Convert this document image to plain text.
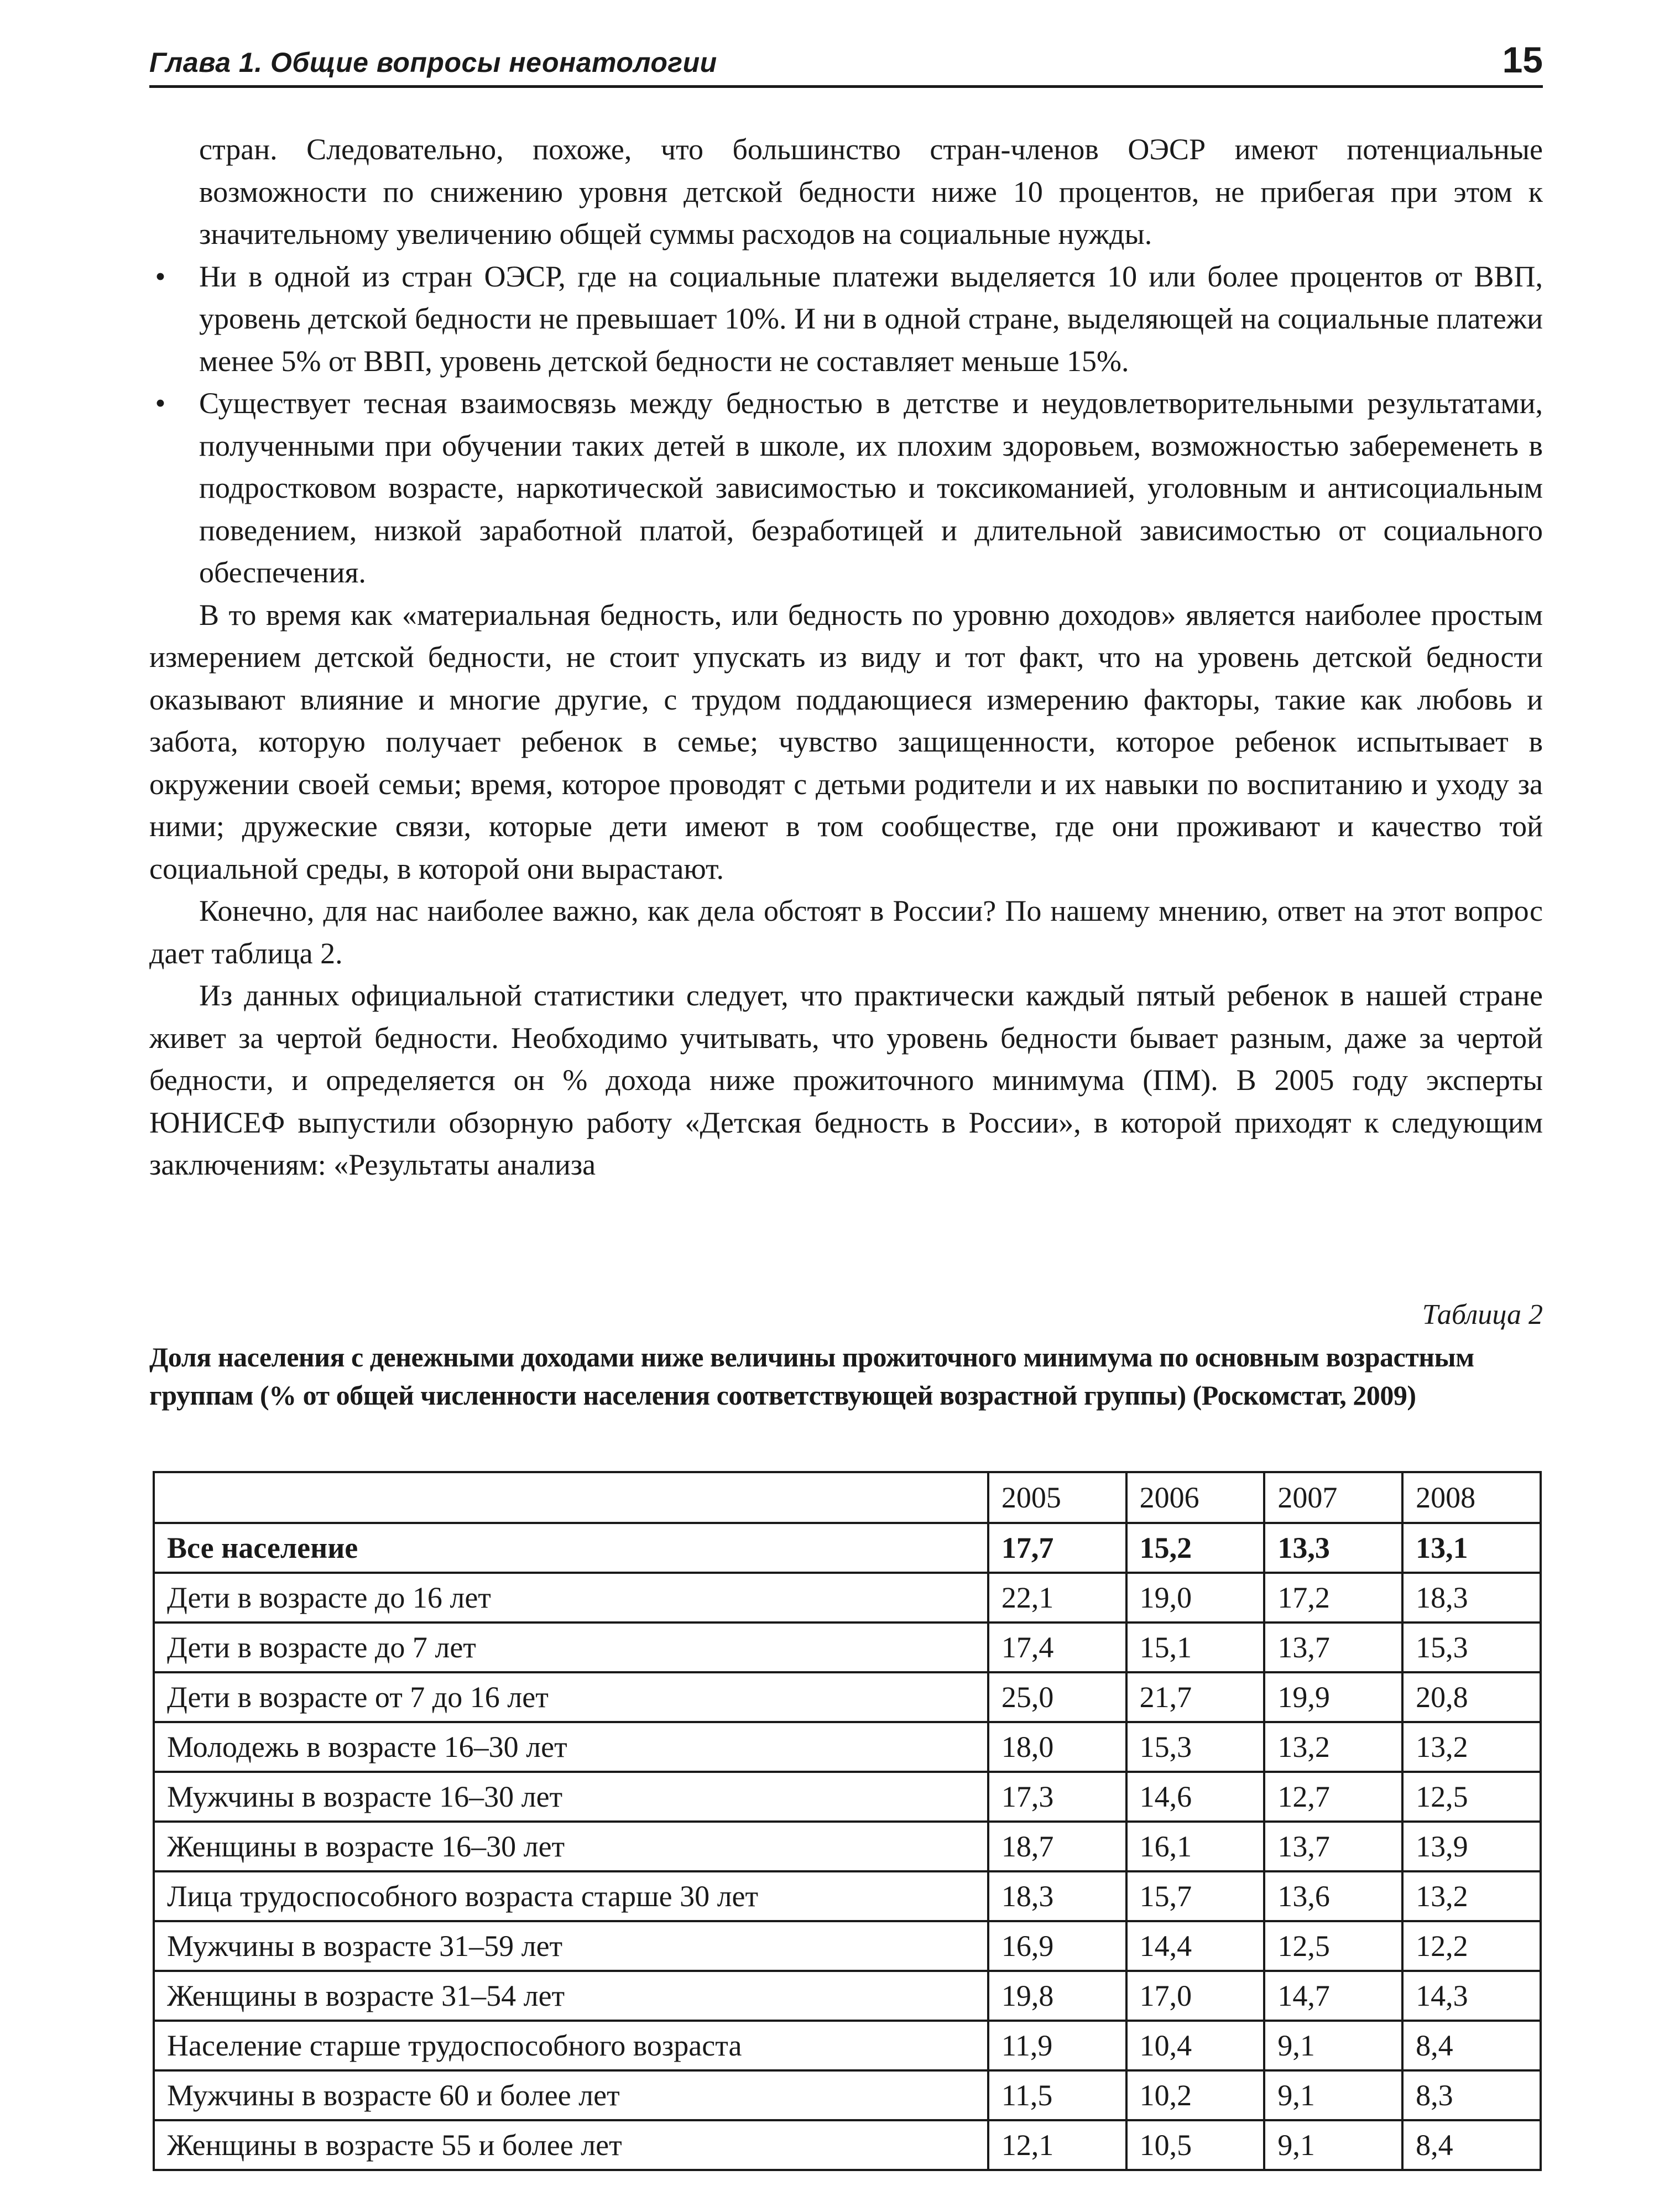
Глава 1. Общие вопросы неонатологии	15

стран. Следовательно, похоже, что большинство стран-членов ОЭСР имеют потенциальные возможности по снижению уровня детской бедности ниже 10 процентов, не прибегая при этом к значительному увеличению общей суммы расходов на социальные нужды.

• Ни в одной из стран ОЭСР, где на социальные платежи выделяется 10 или более процентов от ВВП, уровень детской бедности не превышает 10%. И ни в одной стране, выделяющей на социальные платежи менее 5% от ВВП, уровень детской бедности не составляет меньше 15%.
• Существует тесная взаимосвязь между бедностью в детстве и неудовлетворительными результатами, полученными при обучении таких детей в школе, их плохим здоровьем, возможностью забеременеть в подростковом возрасте, наркотической зависимостью и токсикоманией, уголовным и антисоциальным поведением, низкой заработной платой, безработицей и длительной зависимостью от социального обеспечения.

В то время как «материальная бедность, или бедность по уровню доходов» является наиболее простым измерением детской бедности, не стоит упускать из виду и тот факт, что на уровень детской бедности оказывают влияние и многие другие, с трудом поддающиеся измерению факторы, такие как любовь и забота, которую получает ребенок в семье; чувство защищенности, которое ребенок испытывает в окружении своей семьи; время, которое проводят с детьми родители и их навыки по воспитанию и уходу за ними; дружеские связи, которые дети имеют в том сообществе, где они проживают и качество той социальной среды, в которой они вырастают.

Конечно, для нас наиболее важно, как дела обстоят в России? По нашему мнению, ответ на этот вопрос дает таблица 2.

Из данных официальной статистики следует, что практически каждый пятый ребенок в нашей стране живет за чертой бедности. Необходимо учитывать, что уровень бедности бывает разным, даже за чертой бедности, и определяется он % дохода ниже прожиточного минимума (ПМ). В 2005 году эксперты ЮНИСЕФ выпустили обзорную работу «Детская бедность в России», в которой приходят к следующим заключениям: «Результаты анализа

Таблица 2
Доля населения с денежными доходами ниже величины прожиточного минимума по основным возрастным группам (% от общей численности населения соответствующей возрастной группы) (Роскомстат, 2009)
	2005	2006	2007	2008
Все население	17,7	15,2	13,3	13,1
Дети в возрасте до 16 лет	22,1	19,0	17,2	18,3
Дети в возрасте до 7 лет	17,4	15,1	13,7	15,3
Дети в возрасте от 7 до 16 лет	25,0	21,7	19,9	20,8
Молодежь в возрасте 16–30 лет	18,0	15,3	13,2	13,2
Мужчины в возрасте 16–30 лет	17,3	14,6	12,7	12,5
Женщины в возрасте 16–30 лет	18,7	16,1	13,7	13,9
Лица трудоспособного возраста старше 30 лет	18,3	15,7	13,6	13,2
Мужчины в возрасте 31–59 лет	16,9	14,4	12,5	12,2
Женщины в возрасте 31–54 лет	19,8	17,0	14,7	14,3
Население старше трудоспособного возраста	11,9	10,4	9,1	8,4
Мужчины в возрасте 60 и более лет	11,5	10,2	9,1	8,3
Женщины в возрасте 55 и более лет	12,1	10,5	9,1	8,4
